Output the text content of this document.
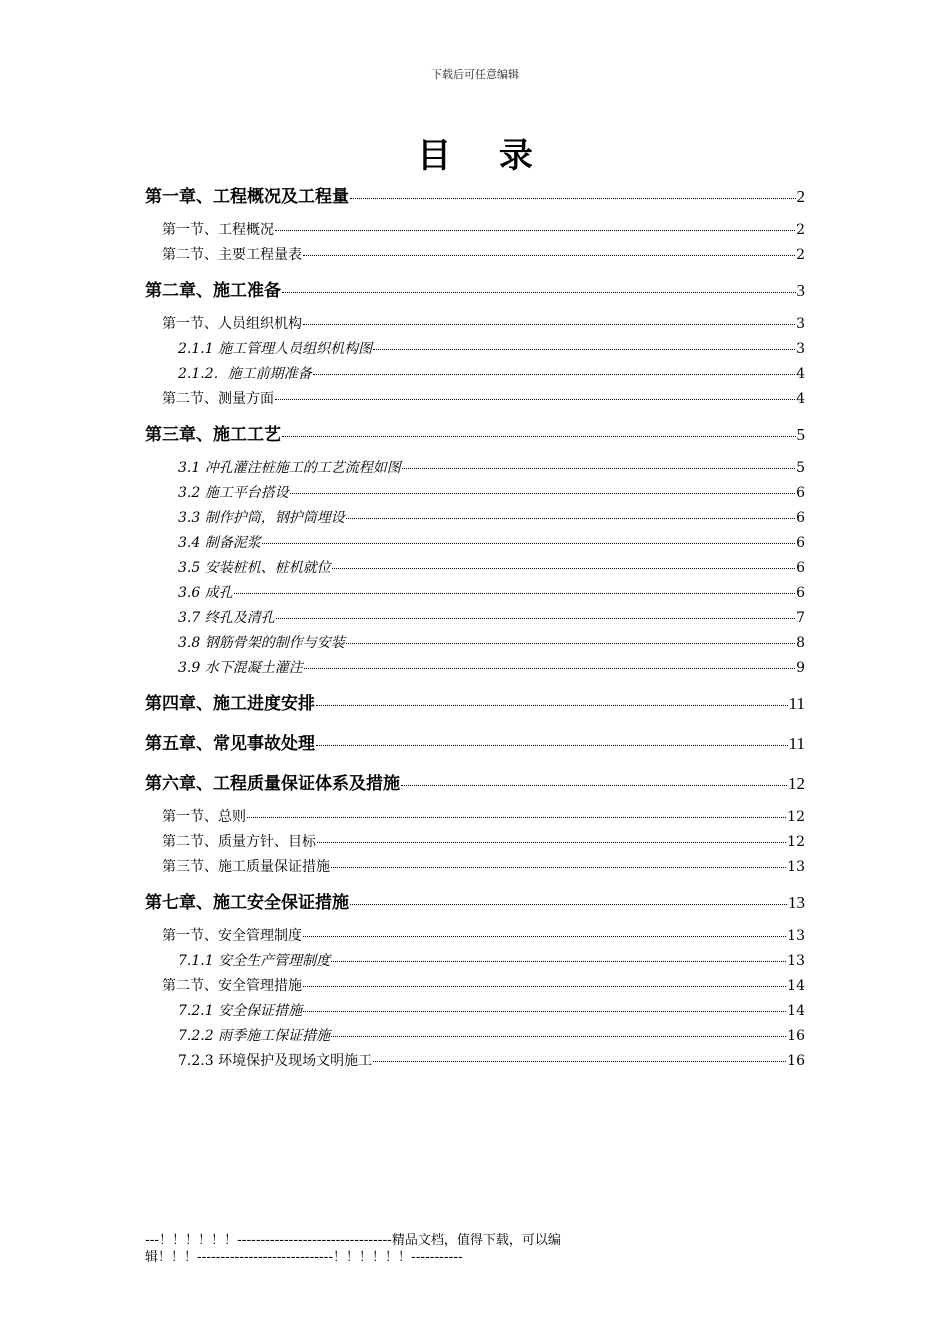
下载后可任意编辑
目 录
第一章、工程概况及工程量	2
第一节、工程概况	2
第二节、主要工程量表	2
第二章、施工准备	3
第一节、人员组织机构	3
2.1.1 施工管理人员组织机构图	3
2.1.2．施工前期准备	4
第二节、测量方面	4
第三章、施工工艺	5
3.1 冲孔灌注桩施工的工艺流程如图	5
3.2 施工平台搭设	6
3.3 制作护筒，钢护筒埋设	6
3.4 制备泥浆	6
3.5 安装桩机、桩机就位	6
3.6 成孔	6
3.7 终孔及清孔	7
3.8 钢筋骨架的制作与安装	8
3.9 水下混凝土灌注	9
第四章、施工进度安排	11
第五章、常见事故处理	11
第六章、工程质量保证体系及措施	12
第一节、总则	12
第二节、质量方针、目标	12
第三节、施工质量保证措施	13
第七章、施工安全保证措施	13
第一节、安全管理制度	13
7.1.1 安全生产管理制度	13
第二节、安全管理措施	14
7.2.1 安全保证措施	14
7.2.2 雨季施工保证措施	16
7.2.3 环境保护及现场文明施工	16
---！！！！！！---------------------------------精品文档，值得下载，可以编
辑！！！-----------------------------！！！！！！-----------
